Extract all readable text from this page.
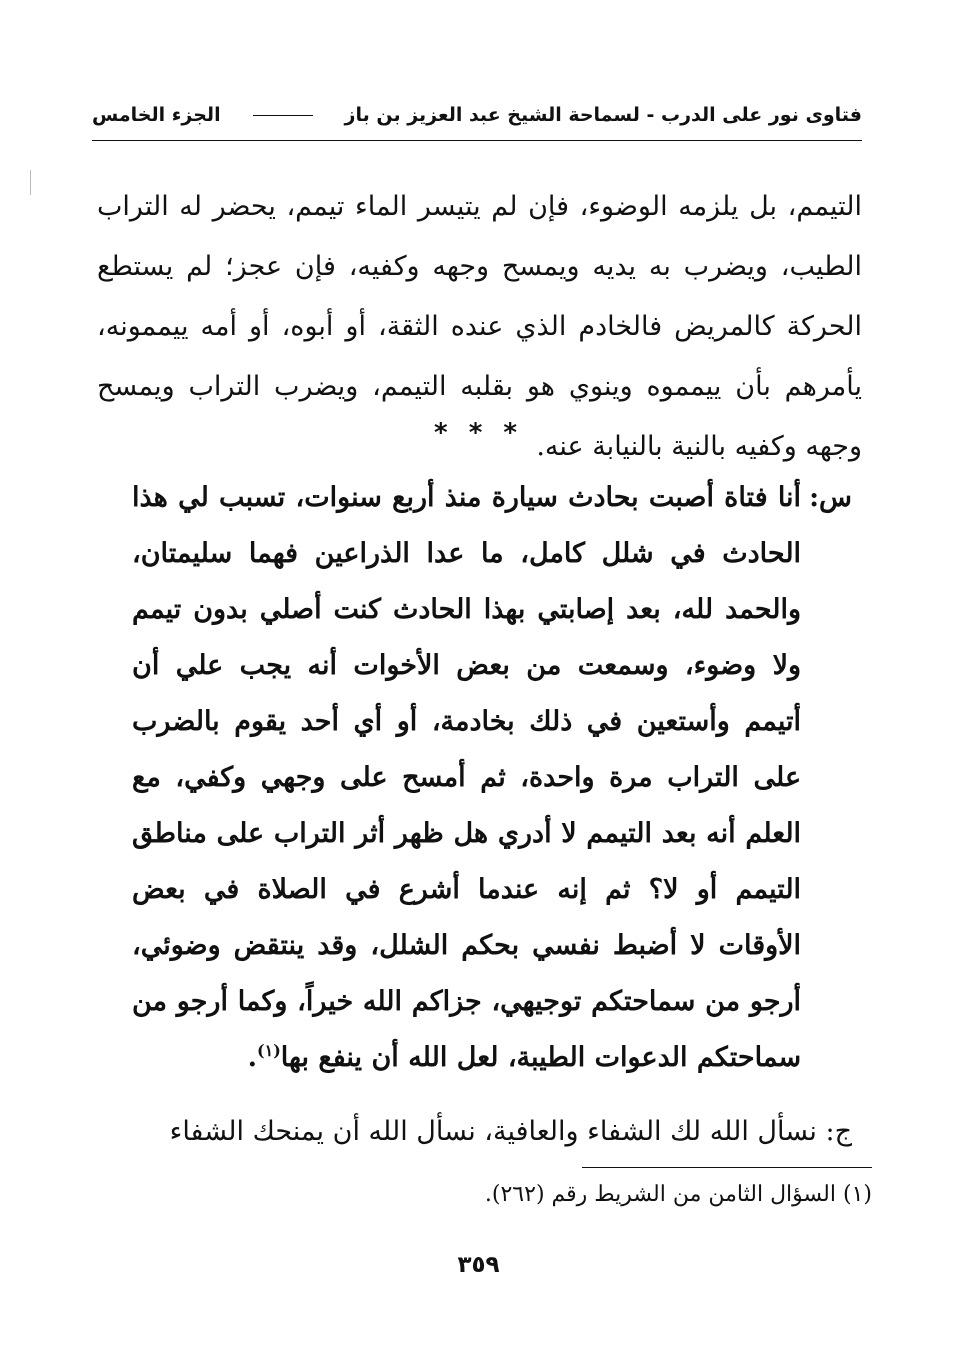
فتاوى نور على الدرب - لسماحة الشيخ عبد العزيز بن باز
الجزء الخامس

التيمم، بل يلزمه الوضوء، فإن لم يتيسر الماء تيمم، يحضر له التراب الطيب، ويضرب به يديه ويمسح وجهه وكفيه، فإن عجز؛ لم يستطع الحركة كالمريض فالخادم الذي عنده الثقة، أو أبوه، أو أمه ييممونه، يأمرهم بأن ييمموه وينوي هو بقلبه التيمم، ويضرب التراب ويمسح وجهه وكفيه بالنية بالنيابة عنه.

* * *
س:
أنا فتاة أصبت بحادث سيارة منذ أربع سنوات، تسبب لي هذا الحادث في شلل كامل، ما عدا الذراعين فهما سليمتان، والحمد لله، بعد إصابتي بهذا الحادث كنت أصلي بدون تيمم ولا وضوء، وسمعت من بعض الأخوات أنه يجب علي أن أتيمم وأستعين في ذلك بخادمة، أو أي أحد يقوم بالضرب على التراب مرة واحدة، ثم أمسح على وجهي وكفي، مع العلم أنه بعد التيمم لا أدري هل ظهر أثر التراب على مناطق التيمم أو لا؟ ثم إنه عندما أشرع في الصلاة في بعض الأوقات لا أضبط نفسي بحكم الشلل، وقد ينتقض وضوئي، أرجو من سماحتكم توجيهي، جزاكم الله خيراً، وكما أرجو من سماحتكم الدعوات الطيبة، لعل الله أن ينفع بها$^{(١)}$.
ج: نسأل الله لك الشفاء والعافية، نسأل الله أن يمنحك الشفاء
(١) السؤال الثامن من الشريط رقم (٢٦٢).
٣٥٩
